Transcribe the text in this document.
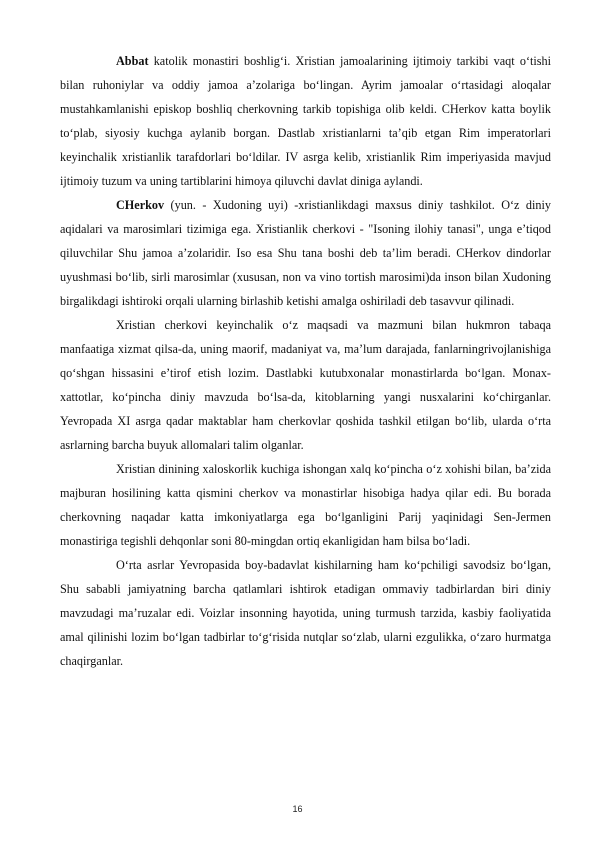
Abbat katolik monastiri boshlig‘i. Xristian jamoalarining ijtimoiy tarkibi vaqt o‘tishi bilan ruhoniylar va oddiy jamoa a’zolariga bo‘lingan. Ayrim jamoalar o‘rtasidagi aloqalar mustahkamlanishi episkop boshliq cherkovning tarkib topishiga olib keldi. CHerkov katta boylik to‘plab, siyosiy kuchga aylanib borgan. Dastlab xristianlarni ta’qib etgan Rim imperatorlari keyinchalik xristianlik tarafdorlari bo‘ldilar. IV asrga kelib, xristianlik Rim imperiyasida mavjud ijtimoiy tuzum va uning tartiblarini himoya qiluvchi davlat diniga aylandi.

CHerkov (yun. - Xudoning uyi) -xristianlikdagi maxsus diniy tashkilot. O‘z diniy aqidalari va marosimlari tizimiga ega. Xristianlik cherkovi - "Isoning ilohiy tanasi", unga e’tiqod qiluvchilar Shu jamoa a’zolaridir. Iso esa Shu tana boshi deb ta’lim beradi. CHerkov dindorlar uyushmasi bo‘lib, sirli marosimlar (xususan, non va vino tortish marosimi)da inson bilan Xudoning birgalikdagi ishtiroki orqali ularning birlashib ketishi amalga oshiriladi deb tasavvur qilinadi.

Xristian cherkovi keyinchalik o‘z maqsadi va mazmuni bilan hukmron tabaqa manfaatiga xizmat qilsa-da, uning maorif, madaniyat va, ma’lum darajada, fanlarningrivojlanishiga qo‘shgan hissasini e’tirof etish lozim. Dastlabki kutubxonalar monastirlarda bo‘lgan. Monax-xattotlar, ko‘pincha diniy mavzuda bo‘lsa-da, kitoblarning yangi nusxalarini ko‘chirganlar. Yevropada XI asrga qadar maktablar ham cherkovlar qoshida tashkil etilgan bo‘lib, ularda o‘rta asrlarning barcha buyuk allomalari talim olganlar.

Xristian dinining xaloskorlik kuchiga ishongan xalq ko‘pincha o‘z xohishi bilan, ba’zida majburan hosilining katta qismini cherkov va monastirlar hisobiga hadya qilar edi. Bu borada cherkovning naqadar katta imkoniyatlarga ega bo‘lganligini Parij yaqinidagi Sen-Jermen monastiriga tegishli dehqonlar soni 80-mingdan ortiq ekanligidan ham bilsa bo‘ladi.

O‘rta asrlar Yevropasida boy-badavlat kishilarning ham ko‘pchiligi savodsiz bo‘lgan, Shu sababli jamiyatning barcha qatlamlari ishtirok etadigan ommaviy tadbirlardan biri diniy mavzudagi ma’ruzalar edi. Voizlar insonning hayotida, uning turmush tarzida, kasbiy faoliyatida amal qilinishi lozim bo‘lgan tadbirlar to‘g‘risida nutqlar so‘zlab, ularni ezgulikka, o‘zaro hurmatga chaqirganlar.

16
